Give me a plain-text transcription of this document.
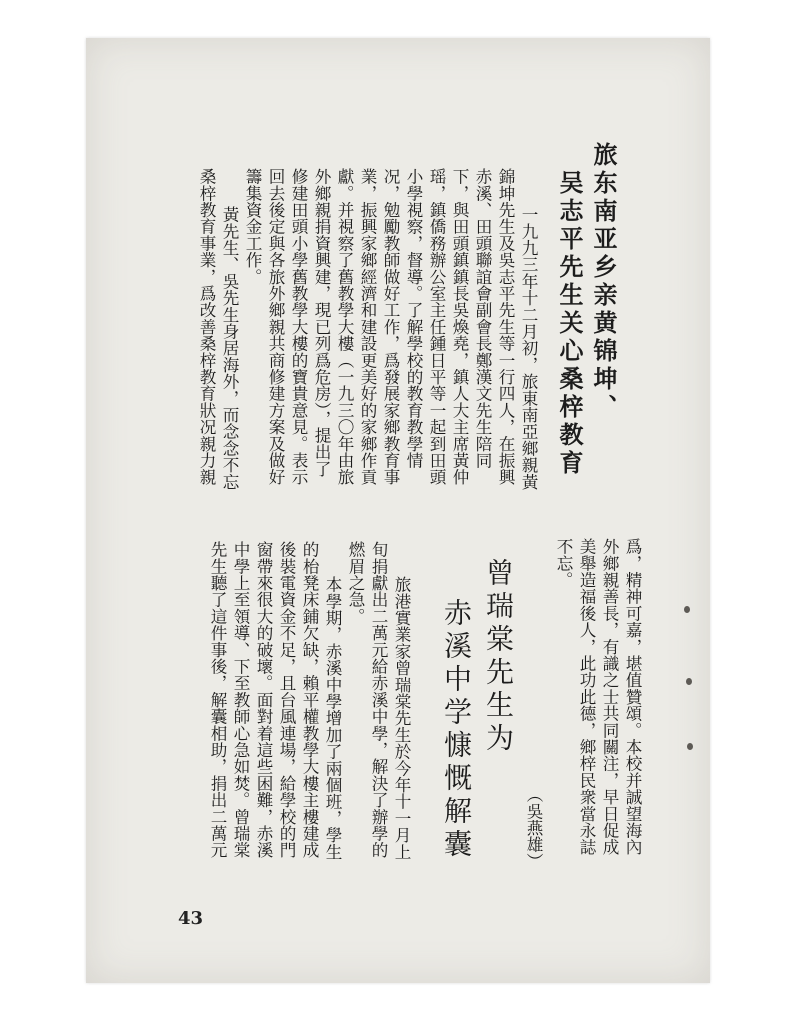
旅东南亚乡亲黄锦坤、
吴志平先生关心桑梓教育
一九九三年十二月初，旅東南亞鄉親黃
錦坤先生及吳志平先生等一行四人，在振興
赤溪、田頭聯誼會副會長鄭漢文先生陪同
下，與田頭鎮鎮長吳煥堯，鎮人大主席黃仲
瑶，鎮僑務辦公室主任鍾日平等一起到田頭
小學視察，督導。了解學校的教育教學情
况，勉勵教師做好工作，爲發展家鄉教育事
業，振興家鄉經濟和建設更美好的家鄉作貢
獻。并視察了舊教學大樓（一九三〇年由旅
外鄉親捐資興建，現已列爲危房），提出了
修建田頭小學舊教學大樓的寶貴意見。表示
回去後定與各旅外鄉親共商修建方案及做好
籌集資金工作。
黃先生、吳先生身居海外，而念念不忘
桑梓教育事業，爲改善桑梓教育狀况親力親
爲，精神可嘉，堪值贊頌。本校并誠望海內
外鄉親善長，有識之士共同關注，早日促成
美舉造福後人，此功此德，鄉梓民衆當永誌
不忘。
（吳燕雄）
曾瑞棠先生为
赤溪中学慷慨解囊
旅港實業家曾瑞棠先生於今年十一月上
旬捐獻出二萬元給赤溪中學，解決了辦學的
燃眉之急。
本學期，赤溪中學增加了兩個班，學生
的枱凳床鋪欠缺，賴平權教學大樓主樓建成
後裝電資金不足，且台風連場，給學校的門
窗帶來很大的破壞。面對着這些困難，赤溪
中學上至領導、下至教師心急如焚。曾瑞棠
先生聽了這件事後，解囊相助，捐出二萬元
43
